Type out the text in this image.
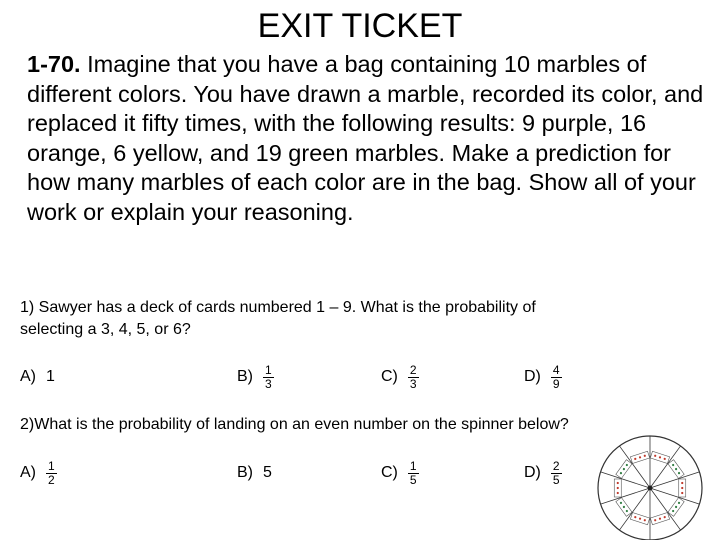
EXIT TICKET
1-70. Imagine that you have a bag containing 10 marbles of different colors. You have drawn a marble, recorded its color, and replaced it fifty times, with the following results: 9 purple, 16 orange, 6 yellow, and 19 green marbles. Make a prediction for how many marbles of each color are in the bag. Show all of your work or explain your reasoning.
1) Sawyer has a deck of cards numbered 1 – 9. What is the probability of
selecting a 3, 4, 5, or 6?
A) 1	$B) \frac{1}{3}$	$C) \frac{2}{3}$	$D) \frac{4}{9}$
2)What is the probability of landing on an even number on the spinner below?
$A) \frac{1}{2}$	B) 5	$C) \frac{1}{5}$	$D) \frac{2}{5}$
